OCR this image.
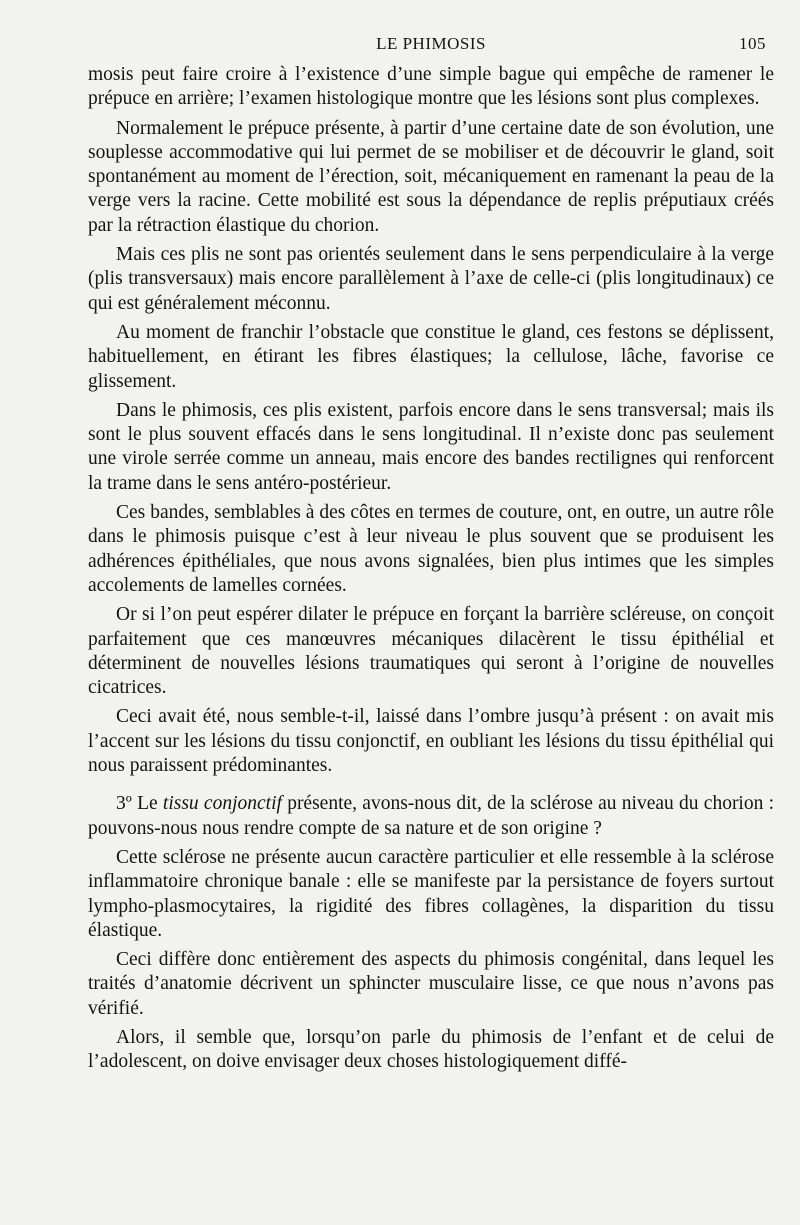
LE PHIMOSIS	105

mosis peut faire croire à l’existence d’une simple bague qui empêche de ramener le prépuce en arrière; l’examen histologique montre que les lésions sont plus complexes.

Normalement le prépuce présente, à partir d’une certaine date de son évolution, une souplesse accommodative qui lui permet de se mobiliser et de découvrir le gland, soit spontanément au moment de l’érection, soit, mécaniquement en ramenant la peau de la verge vers la racine. Cette mobilité est sous la dépendance de replis préputiaux créés par la rétraction élastique du chorion.

Mais ces plis ne sont pas orientés seulement dans le sens perpendiculaire à la verge (plis transversaux) mais encore parallèlement à l’axe de celle-ci (plis longitudinaux) ce qui est généralement méconnu.

Au moment de franchir l’obstacle que constitue le gland, ces festons se déplissent, habituellement, en étirant les fibres élastiques; la cellulose, lâche, favorise ce glissement.

Dans le phimosis, ces plis existent, parfois encore dans le sens transversal; mais ils sont le plus souvent effacés dans le sens longitudinal. Il n’existe donc pas seulement une virole serrée comme un anneau, mais encore des bandes rectilignes qui renforcent la trame dans le sens antéro-postérieur.

Ces bandes, semblables à des côtes en termes de couture, ont, en outre, un autre rôle dans le phimosis puisque c’est à leur niveau le plus souvent que se produisent les adhérences épithéliales, que nous avons signalées, bien plus intimes que les simples accolements de lamelles cornées.

Or si l’on peut espérer dilater le prépuce en forçant la barrière scléreuse, on conçoit parfaitement que ces manœuvres mécaniques dilacèrent le tissu épithélial et déterminent de nouvelles lésions traumatiques qui seront à l’origine de nouvelles cicatrices.

Ceci avait été, nous semble-t-il, laissé dans l’ombre jusqu’à présent : on avait mis l’accent sur les lésions du tissu conjonctif, en oubliant les lésions du tissu épithélial qui nous paraissent prédominantes.

3º Le tissu conjonctif présente, avons-nous dit, de la sclérose au niveau du chorion : pouvons-nous nous rendre compte de sa nature et de son origine ?

Cette sclérose ne présente aucun caractère particulier et elle ressemble à la sclérose inflammatoire chronique banale : elle se manifeste par la persistance de foyers surtout lympho-plasmocytaires, la rigidité des fibres collagènes, la disparition du tissu élastique.

Ceci diffère donc entièrement des aspects du phimosis congénital, dans lequel les traités d’anatomie décrivent un sphincter musculaire lisse, ce que nous n’avons pas vérifié.

Alors, il semble que, lorsqu’on parle du phimosis de l’enfant et de celui de l’adolescent, on doive envisager deux choses histologiquement diffé-
